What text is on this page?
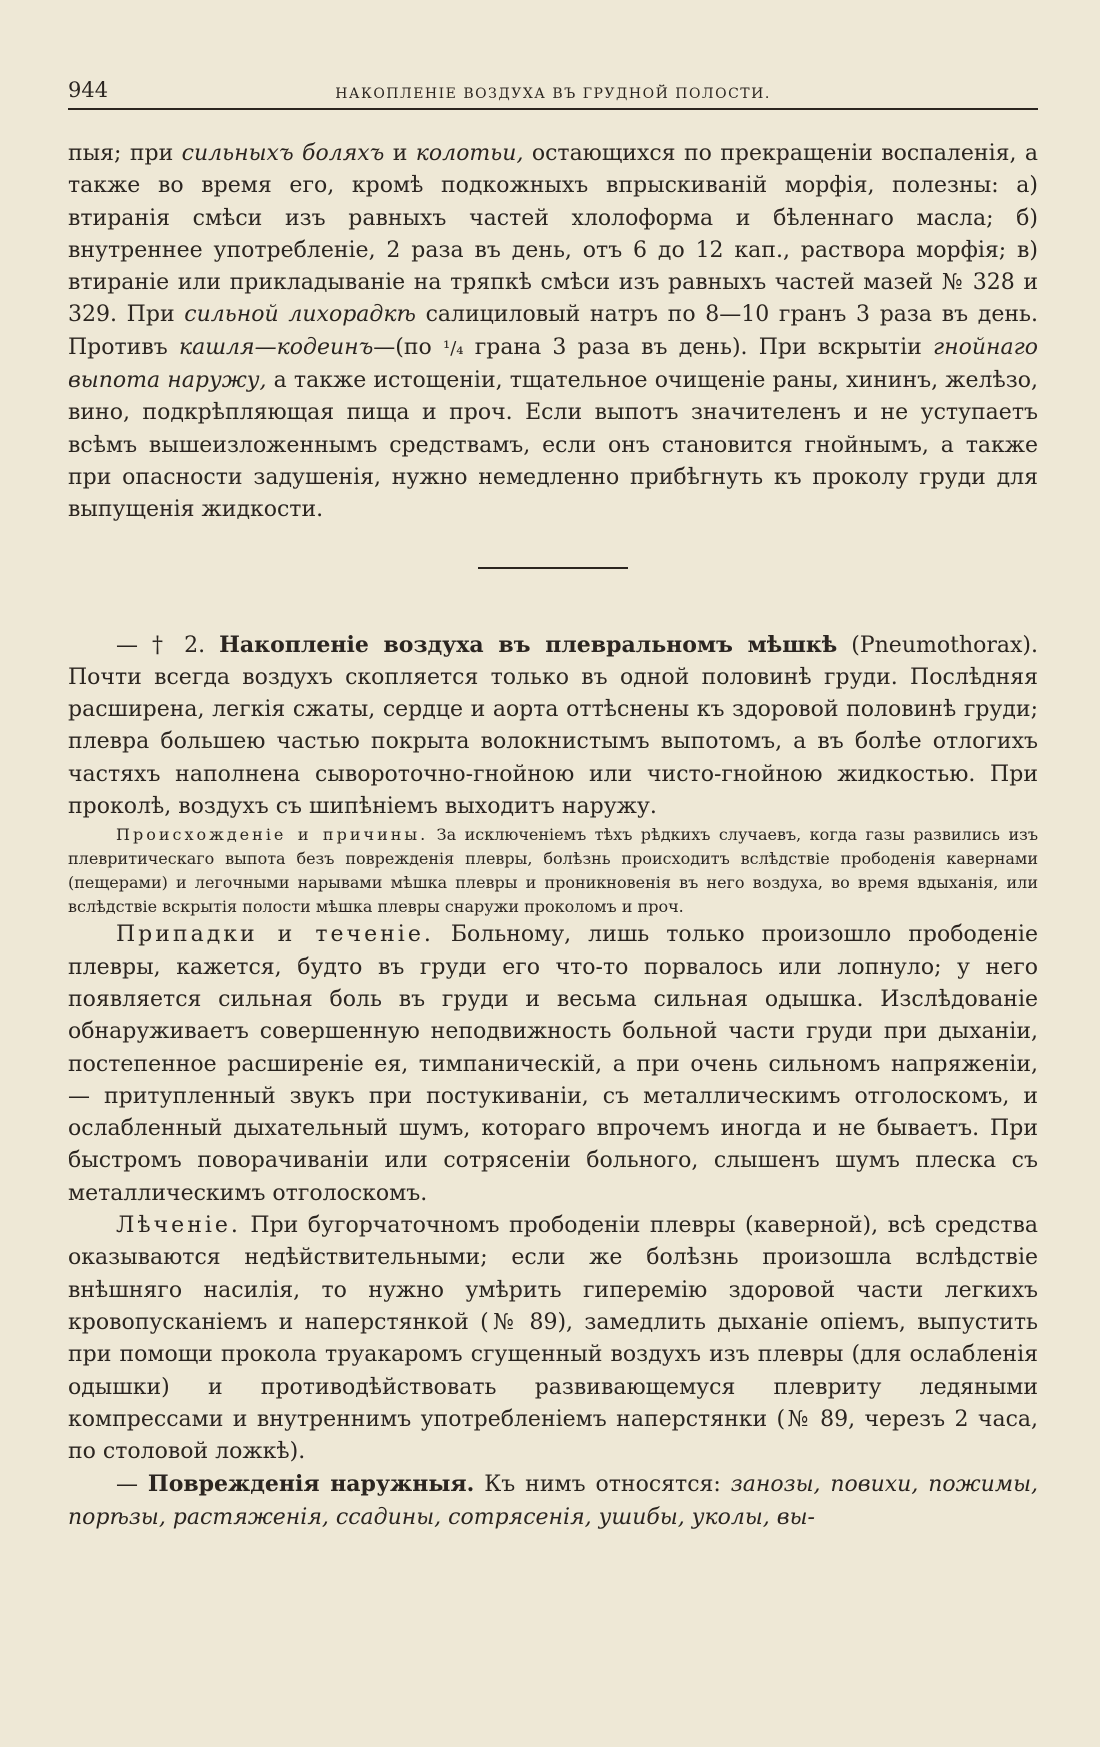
944	НАКОПЛЕНІЕ ВОЗДУХА ВЪ ГРУДНОЙ ПОЛОСТИ.

пыя; при сильныхъ боляхъ и колотьи, остающихся по прекращеніи воспаленія, а также во время его, кромѣ подкожныхъ впрыскиваній морфія, полезны: а) втиранія смѣси изъ равныхъ частей хлолоформа и бѣленнаго масла; б) внутреннее употребленіе, 2 раза въ день, отъ 6 до 12 кап., раствора морфія; в) втираніе или прикладываніе на тряпкѣ смѣси изъ равныхъ частей мазей № 328 и 329. При сильной лихорадкѣ салициловый натръ по 8—10 гранъ 3 раза въ день. Противъ кашля—кодеинъ—(по ¹/₄ грана 3 раза въ день). При вскрытіи гнойнаго выпота наружу, а также истощеніи, тщательное очищеніе раны, хининъ, желѣзо, вино, подкрѣпляющая пища и проч. Если выпотъ значителенъ и не уступаетъ всѣмъ вышеизложеннымъ средствамъ, если онъ становится гнойнымъ, а также при опасности задушенія, нужно немедленно прибѣгнуть къ проколу груди для выпущенія жидкости.

— † 2. Накопленіе воздуха въ плевральномъ мѣшкѣ (Pneumothorax). Почти всегда воздухъ скопляется только въ одной половинѣ груди. Послѣдняя расширена, легкія сжаты, сердце и аорта оттѣснены къ здоровой половинѣ груди; плевра большею частью покрыта волокнистымъ выпотомъ, а въ болѣе отлогихъ частяхъ наполнена сывороточно-гнойною или чисто-гнойною жидкостью. При проколѣ, воздухъ съ шипѣніемъ выходитъ наружу.

Происхожденіе и причины. За исключеніемъ тѣхъ рѣдкихъ случаевъ, когда газы развились изъ плевритическаго выпота безъ поврежденія плевры, болѣзнь происходитъ вслѣдствіе прободенія кавернами (пещерами) и легочными нарывами мѣшка плевры и проникновенія въ него воздуха, во время вдыханія, или вслѣдствіе вскрытія полости мѣшка плевры снаружи проколомъ и проч.

Припадки и теченіе. Больному, лишь только произошло прободеніе плевры, кажется, будто въ груди его что-то порвалось или лопнуло; у него появляется сильная боль въ груди и весьма сильная одышка. Изслѣдованіе обнаруживаетъ совершенную неподвижность больной части груди при дыханіи, постепенное расширеніе ея, тимпаническій, а при очень сильномъ напряженіи, — притупленный звукъ при постукиваніи, съ металлическимъ отголоскомъ, и ослабленный дыхательный шумъ, котораго впрочемъ иногда и не бываетъ. При быстромъ поворачиваніи или сотрясеніи больного, слышенъ шумъ плеска съ металлическимъ отголоскомъ.

Лѣченіе. При бугорчаточномъ прободеніи плевры (каверной), всѣ средства оказываются недѣйствительными; если же болѣзнь произошла вслѣдствіе внѣшняго насилія, то нужно умѣрить гиперемію здоровой части легкихъ кровопусканіемъ и наперстянкой (№ 89), замедлить дыханіе опіемъ, выпустить при помощи прокола труакаромъ сгущенный воздухъ изъ плевры (для ослабленія одышки) и противодѣйствовать развивающемуся плевриту ледяными компрессами и внутреннимъ употребленіемъ наперстянки (№ 89, черезъ 2 часа, по столовой ложкѣ).

— Поврежденія наружныя. Къ нимъ относятся: занозы, повихи, пожимы, порѣзы, растяженія, ссадины, сотрясенія, ушибы, уколы, вы-
